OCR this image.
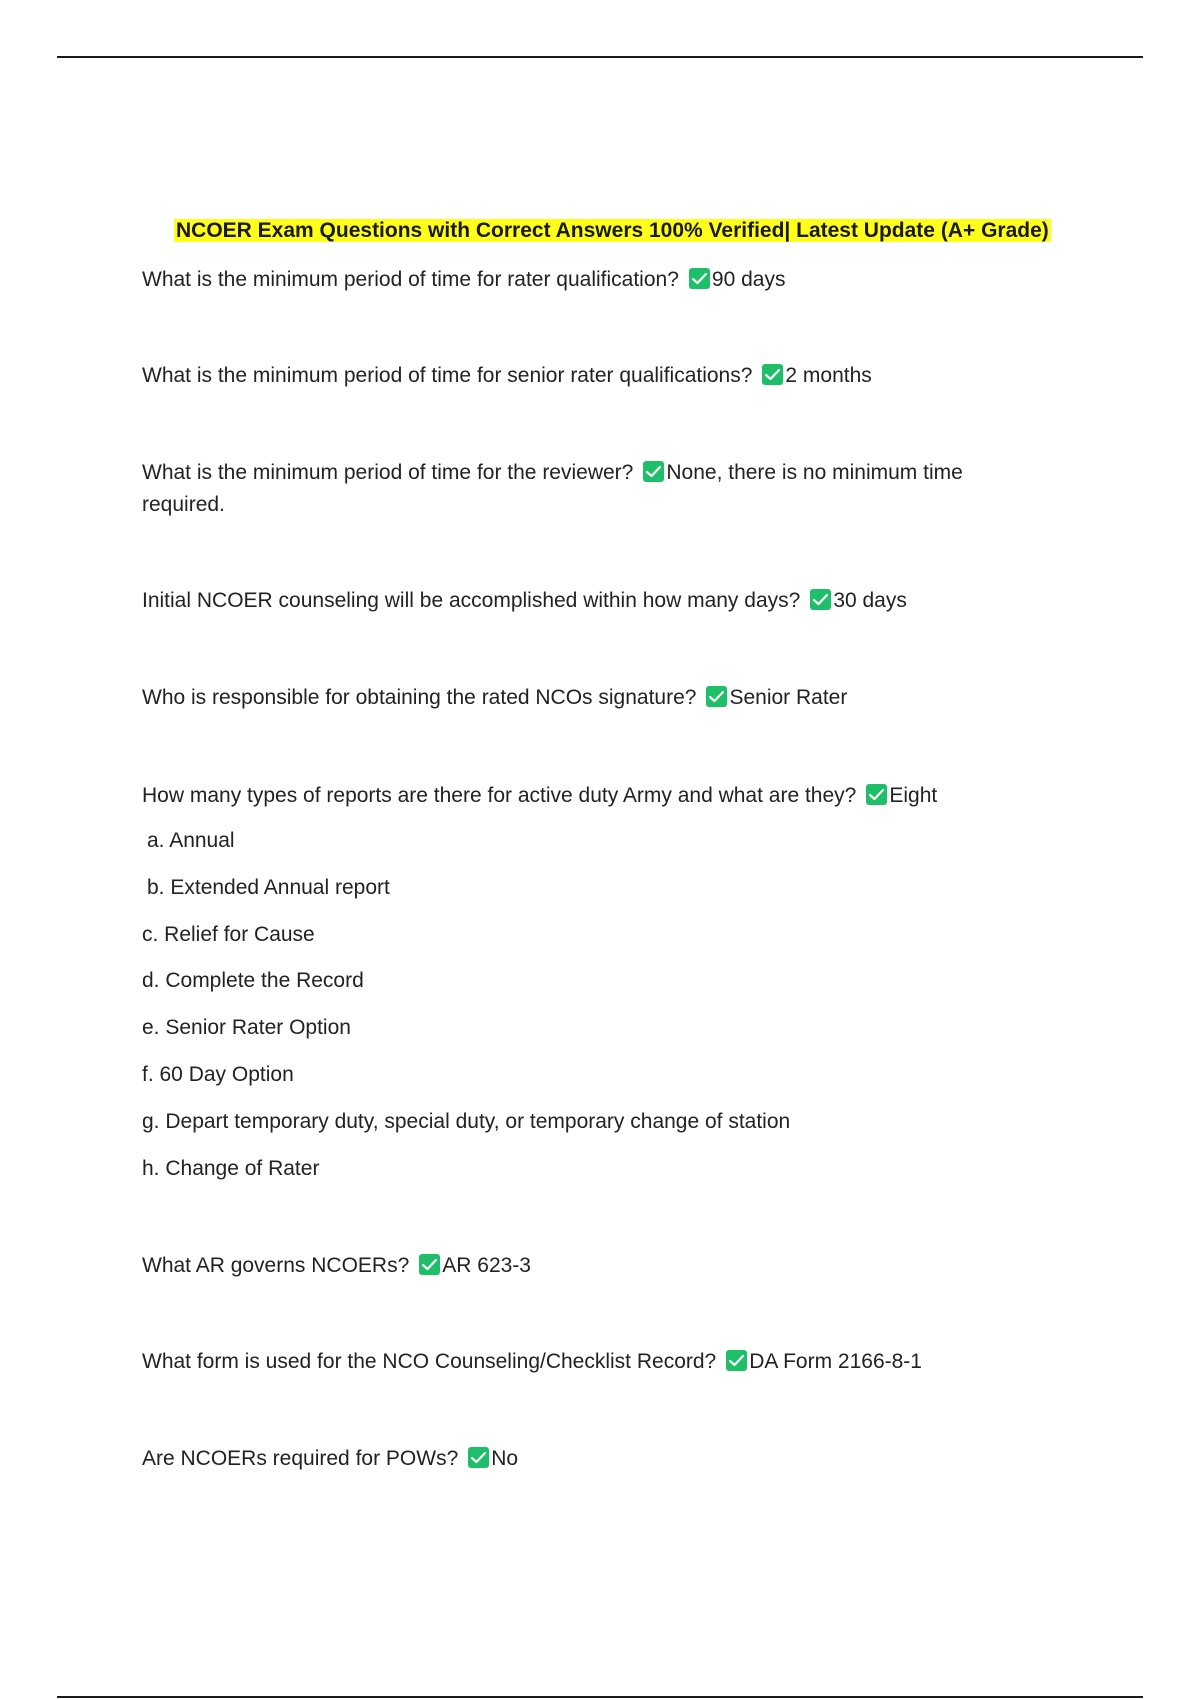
NCOER Exam Questions with Correct Answers 100% Verified| Latest Update (A+ Grade)
What is the minimum period of time for rater qualification? 90 days
What is the minimum period of time for senior rater qualifications? 2 months
What is the minimum period of time for the reviewer? None, there is no minimum time required.
Initial NCOER counseling will be accomplished within how many days? 30 days
Who is responsible for obtaining the rated NCOs signature? Senior Rater
How many types of reports are there for active duty Army and what are they? Eight
a. Annual
b. Extended Annual report
c. Relief for Cause
d. Complete the Record
e. Senior Rater Option
f. 60 Day Option
g. Depart temporary duty, special duty, or temporary change of station
h. Change of Rater
What AR governs NCOERs? AR 623-3
What form is used for the NCO Counseling/Checklist Record? DA Form 2166-8-1
Are NCOERs required for POWs? No
